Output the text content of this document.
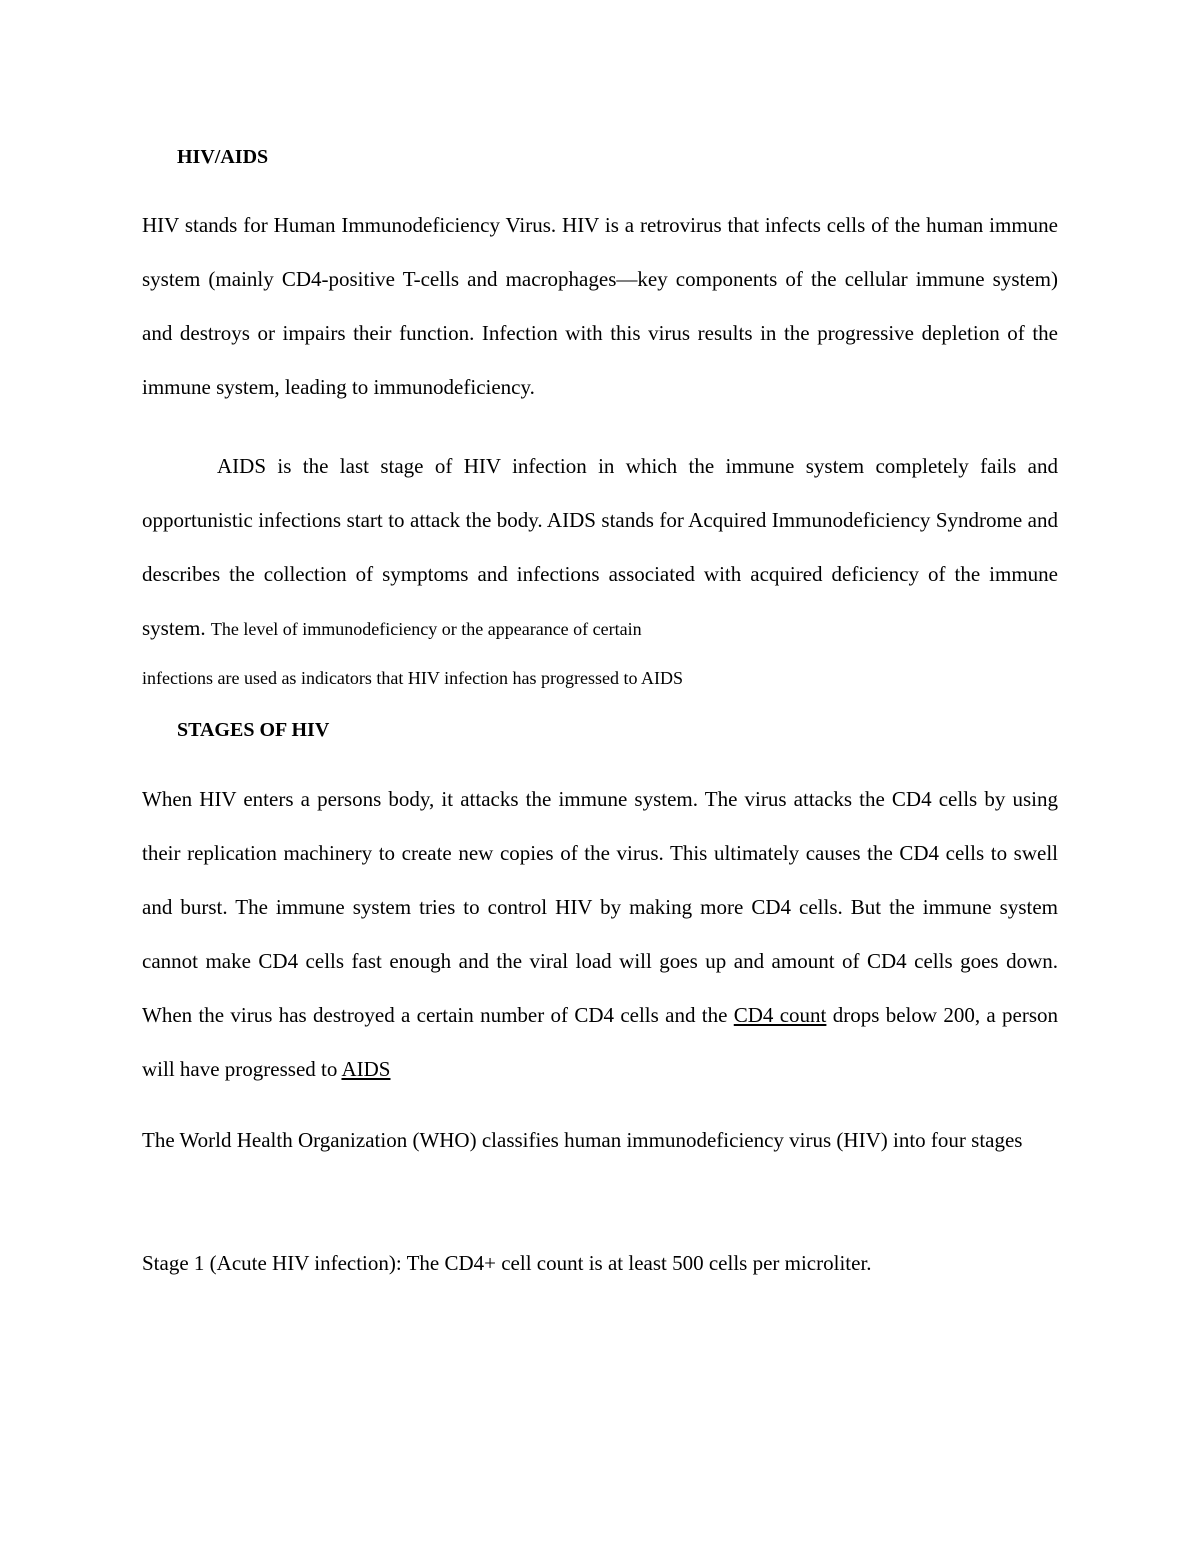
HIV/AIDS
HIV stands for Human Immunodeficiency Virus. HIV is a retrovirus that infects cells of the human immune system (mainly CD4-positive T-cells and macrophages—key components of the cellular immune system) and destroys or impairs their function. Infection with this virus results in the progressive depletion of the immune system, leading to immunodeficiency.
AIDS is the last stage of HIV infection in which the immune system completely fails and opportunistic infections start to attack the body. AIDS stands for Acquired Immunodeficiency Syndrome and describes the collection of symptoms and infections associated with acquired deficiency of the immune system. The level of immunodeficiency or the appearance of certain
infections are used as indicators that HIV infection has progressed to AIDS
STAGES OF HIV
When HIV enters a persons body, it attacks the immune system. The virus attacks the CD4 cells by using their replication machinery to create new copies of the virus. This ultimately causes the CD4 cells to swell and burst. The immune system tries to control HIV by making more CD4 cells. But the immune system cannot make CD4 cells fast enough and the viral load will goes up and amount of CD4 cells goes down. When the virus has destroyed a certain number of CD4 cells and the CD4 count drops below 200, a person will have progressed to AIDS
The World Health Organization (WHO) classifies human immunodeficiency virus (HIV) into four stages
Stage 1 (Acute HIV infection): The CD4+ cell count is at least 500 cells per microliter.
